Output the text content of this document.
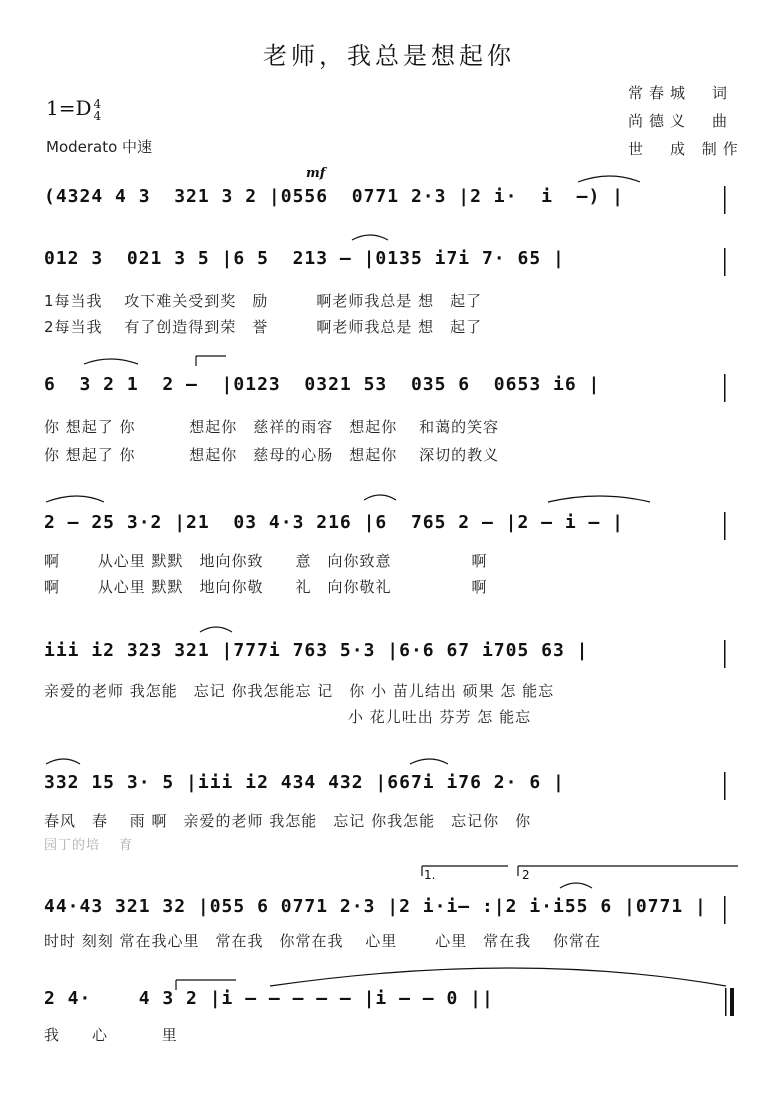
老师，我总是想起你
1=D 4
4
Moderato 中速
常春城　词
尚德义　曲
世　成 制作
mf
(4324 4 3  321 3 2 |0556  0771 2·3 |2 i·  i  –) |
012 3  021 3 5 |6 5  213 – |0135 i7i 7· 65 |
1每当我　 攻下难关受到奖　励　　　啊老师我总是 想　起了
2每当我　 有了创造得到荣　誉　　　啊老师我总是 想　起了
6  3 2 1  2 –  |0123  0321 53  035 6  0653 i6 |
你 想起了 你　　　 想起你　慈祥的雨容　想起你　 和蔼的笑容
你 想起了 你　　　 想起你　慈母的心肠　想起你　 深切的教义
2 – 25 3·2 |21  03 4·3 216 |6  765 2 – |2 – i – |
啊　　 从心里 默默　地向你致　　意　向你致意　　　　　啊
啊　　 从心里 默默　地向你敬　　礼　向你敬礼　　　　　啊
iii i2 323 321 |777i 763 5·3 |6·6 67 i705 63 |
亲爱的老师 我怎能　忘记 你我怎能忘 记　你 小 苗儿结出 硕果 怎 能忘
　　　　　　　　　　　　　　　　　　　小 花儿吐出 芬芳 怎 能忘
332 15 3· 5 |iii i2 434 432 |667i i76 2· 6 |
春风　春　 雨 啊　亲爱的老师 我怎能　忘记 你我怎能　忘记你　你
园丁的培　 育
1.	2
44·43 321 32 |055 6 0771 2·3 |2 i·i– :|2 i·i55 6 |0771 |
时时 刻刻 常在我心里　常在我　你常在我　 心里　　 心里　常在我　 你常在
2 4·    4 3 2 |i – – – – – |i – – 0 ||
我　　心　　　 里
